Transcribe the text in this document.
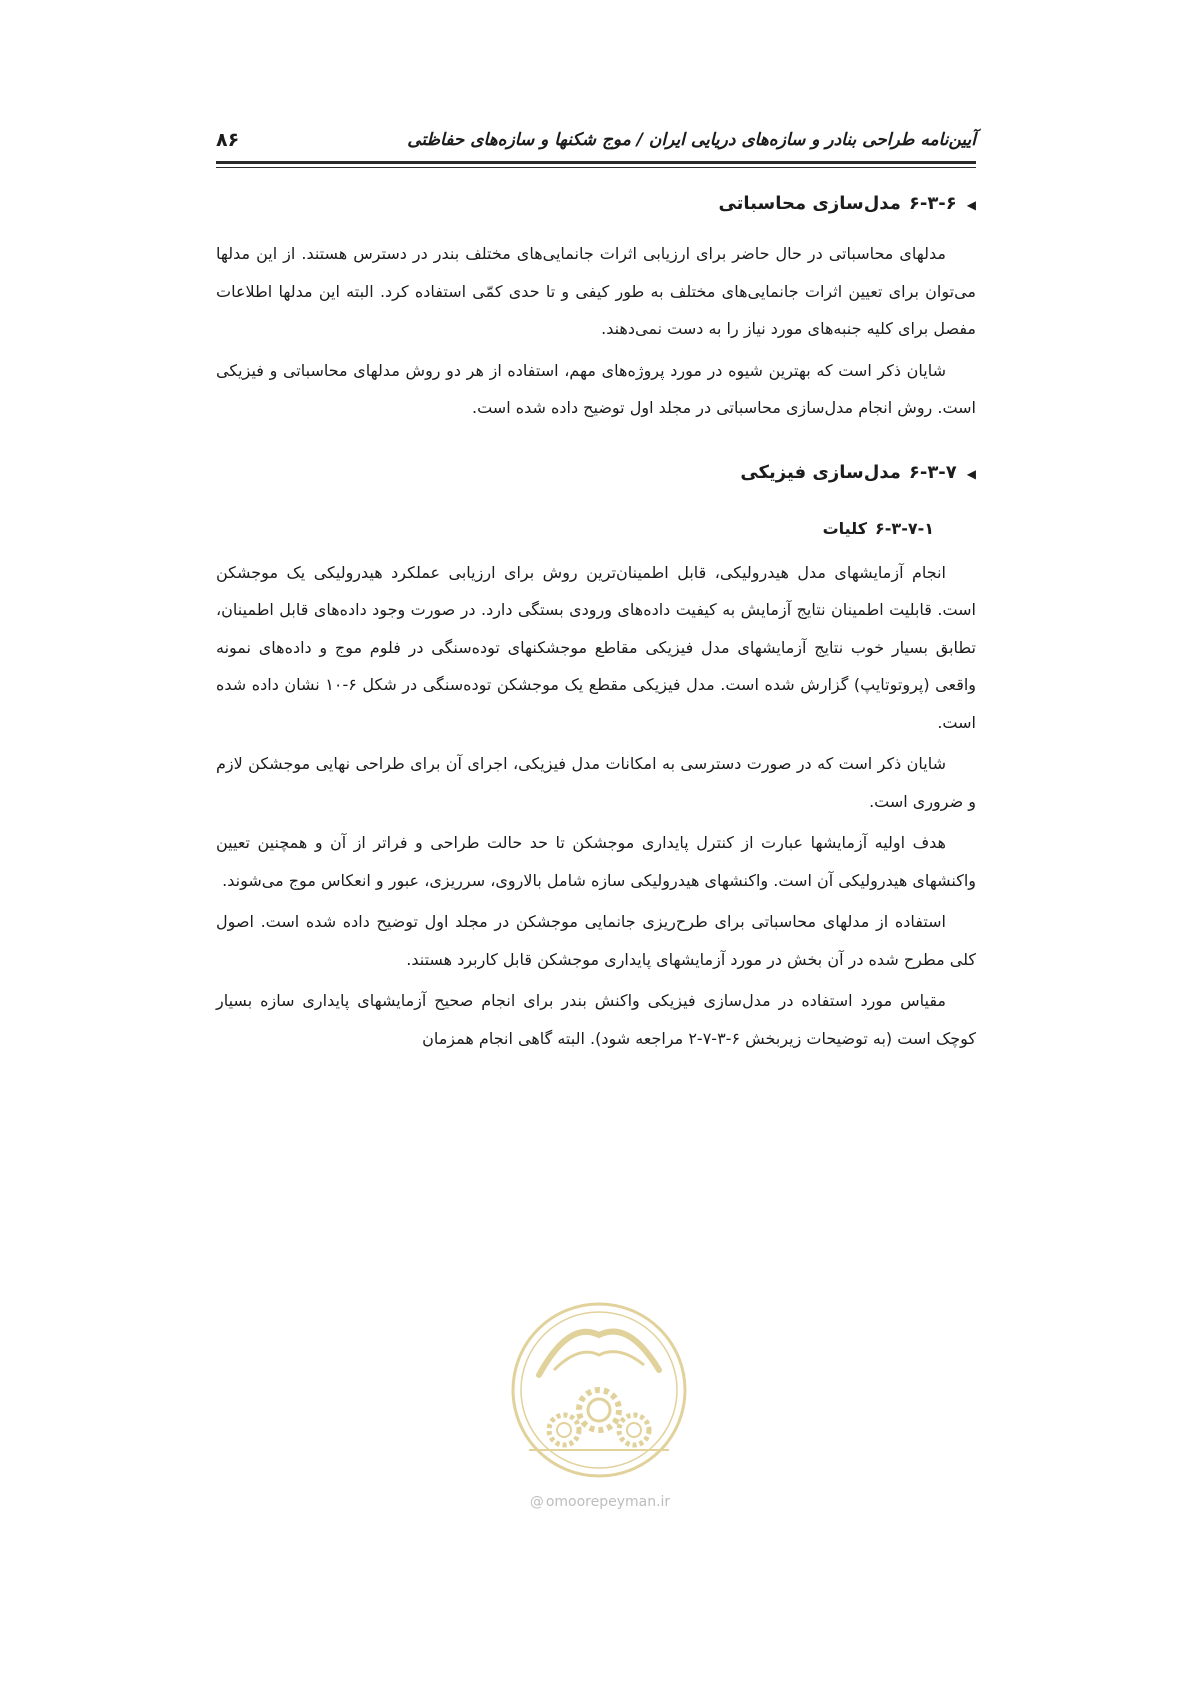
آیین‌نامه طراحی بنادر و سازه‌های دریایی ایران / موج شکنها و سازه‌های حفاظتی
۸۶
◀۶-۳-۶مدل‌سازی محاسباتی

مدلهای محاسباتی در حال حاضر برای ارزیابی اثرات جانمایی‌های مختلف بندر در دسترس هستند. از این مدلها می‌توان برای تعیین اثرات جانمایی‌های مختلف به طور کیفی و تا حدی کمّی استفاده کرد. البته این مدلها اطلاعات مفصل برای کلیه جنبه‌های مورد نیاز را به دست نمی‌دهند.

شایان ذکر است که بهترین شیوه در مورد پروژه‌های مهم، استفاده از هر دو روش مدلهای محاسباتی و فیزیکی است. روش انجام مدل‌سازی محاسباتی در مجلد اول توضیح داده شده است.

◀۶-۳-۷مدل‌سازی فیزیکی
۶-۳-۷-۱کلیات

انجام آزمایشهای مدل هیدرولیکی، قابل اطمینان‌ترین روش برای ارزیابی عملکرد هیدرولیکی یک موجشکن است. قابلیت اطمینان نتایج آزمایش به کیفیت داده‌های ورودی بستگی دارد. در صورت وجود داده‌های قابل اطمینان، تطابق بسیار خوب نتایج آزمایشهای مدل فیزیکی مقاطع موجشکنهای توده‌سنگی در فلوم موج و داده‌های نمونه واقعی (پروتوتایپ) گزارش شده است. مدل فیزیکی مقطع یک موجشکن توده‌سنگی در شکل ۶-۱۰ نشان داده شده است.

شایان ذکر است که در صورت دسترسی به امکانات مدل فیزیکی، اجرای آن برای طراحی نهایی موجشکن لازم و ضروری است.

هدف اولیه آزمایشها عبارت از کنترل پایداری موجشکن تا حد حالت طراحی و فراتر از آن و همچنین تعیین واکنشهای هیدرولیکی آن است. واکنشهای هیدرولیکی سازه شامل بالاروی، سرریزی، عبور و انعکاس موج می‌شوند.

استفاده از مدلهای محاسباتی برای طرح‌ریزی جانمایی موجشکن در مجلد اول توضیح داده شده است. اصول کلی مطرح شده در آن بخش در مورد آزمایشهای پایداری موجشکن قابل کاربرد هستند.

مقیاس مورد استفاده در مدل‌سازی فیزیکی واکنش بندر برای انجام صحیح آزمایشهای پایداری سازه بسیار کوچک است (به توضیحات زیربخش ۶-۳-۷-۲ مراجعه شود). البته گاهی انجام همزمان

@ omoorepeyman.ir
